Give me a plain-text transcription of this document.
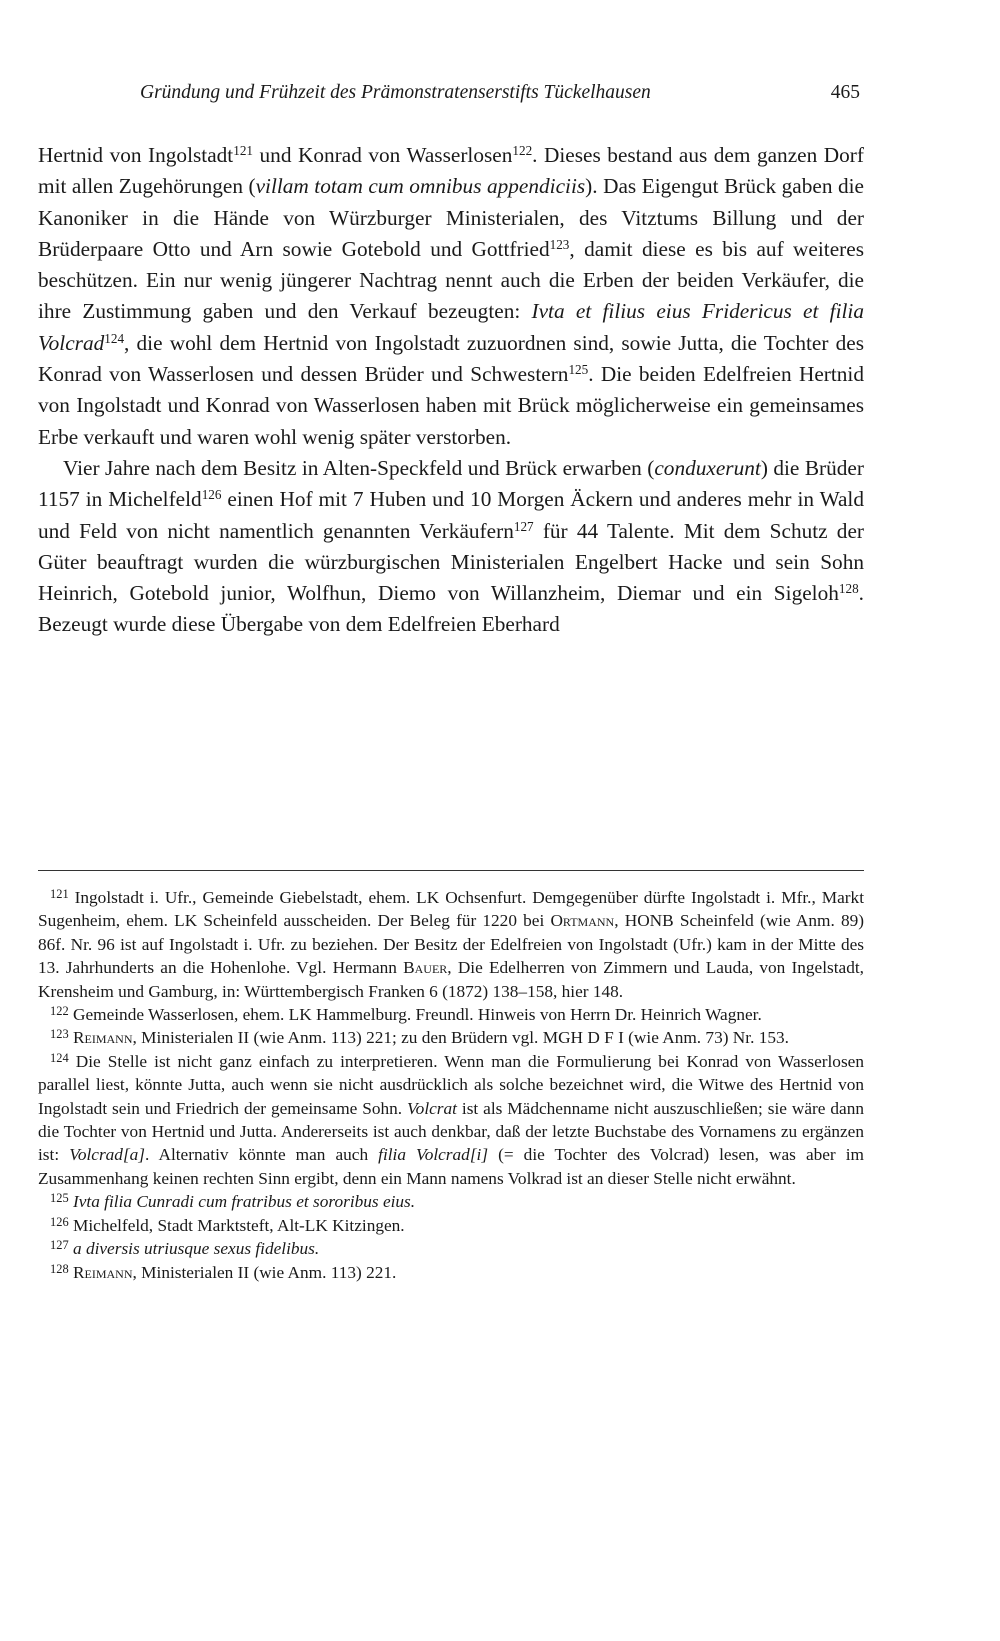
Gründung und Frühzeit des Prämonstratenserstifts Tückelhausen	465

Hertnid von Ingolstadt$^{121}$ und Konrad von Wasserlosen$^{122}$. Dieses bestand aus dem ganzen Dorf mit allen Zugehörungen (villam totam cum omnibus appendiciis). Das Eigengut Brück gaben die Kanoniker in die Hände von Würzburger Ministerialen, des Vitztums Billung und der Brüderpaare Otto und Arn sowie Gotebold und Gottfried$^{123}$, damit diese es bis auf weiteres beschützen. Ein nur wenig jüngerer Nachtrag nennt auch die Erben der beiden Verkäufer, die ihre Zustimmung gaben und den Verkauf bezeugten: Ivta et filius eius Fridericus et filia Volcrad$^{124}$, die wohl dem Hertnid von Ingolstadt zuzuordnen sind, sowie Jutta, die Tochter des Konrad von Wasserlosen und dessen Brüder und Schwestern$^{125}$. Die beiden Edelfreien Hertnid von Ingolstadt und Konrad von Wasserlosen haben mit Brück möglicherweise ein gemeinsames Erbe verkauft und waren wohl wenig später verstorben.

Vier Jahre nach dem Besitz in Alten-Speckfeld und Brück erwarben (conduxerunt) die Brüder 1157 in Michelfeld$^{126}$ einen Hof mit 7 Huben und 10 Morgen Äckern und anderes mehr in Wald und Feld von nicht namentlich genannten Verkäufern$^{127}$ für 44 Talente. Mit dem Schutz der Güter beauftragt wurden die würzburgischen Ministerialen Engelbert Hacke und sein Sohn Heinrich, Gotebold junior, Wolfhun, Diemo von Willanzheim, Diemar und ein Sigeloh$^{128}$. Bezeugt wurde diese Übergabe von dem Edelfreien Eberhard

$^{121}$ Ingolstadt i. Ufr., Gemeinde Giebelstadt, ehem. LK Ochsenfurt. Demgegenüber dürfte Ingolstadt i. Mfr., Markt Sugenheim, ehem. LK Scheinfeld ausscheiden. Der Beleg für 1220 bei Ortmann, HONB Scheinfeld (wie Anm. 89) 86f. Nr. 96 ist auf Ingolstadt i. Ufr. zu beziehen. Der Besitz der Edelfreien von Ingolstadt (Ufr.) kam in der Mitte des 13. Jahrhunderts an die Hohenlohe. Vgl. Hermann Bauer, Die Edelherren von Zimmern und Lauda, von Ingelstadt, Krensheim und Gamburg, in: Württembergisch Franken 6 (1872) 138–158, hier 148.

$^{122}$ Gemeinde Wasserlosen, ehem. LK Hammelburg. Freundl. Hinweis von Herrn Dr. Heinrich Wagner.

$^{123}$ Reimann, Ministerialen II (wie Anm. 113) 221; zu den Brüdern vgl. MGH D F I (wie Anm. 73) Nr. 153.

$^{124}$ Die Stelle ist nicht ganz einfach zu interpretieren. Wenn man die Formulierung bei Konrad von Wasserlosen parallel liest, könnte Jutta, auch wenn sie nicht ausdrücklich als solche bezeichnet wird, die Witwe des Hertnid von Ingolstadt sein und Friedrich der gemeinsame Sohn. Volcrat ist als Mädchenname nicht auszuschließen; sie wäre dann die Tochter von Hertnid und Jutta. Andererseits ist auch denkbar, daß der letzte Buchstabe des Vornamens zu ergänzen ist: Volcrad[a]. Alternativ könnte man auch filia Volcrad[i] (= die Tochter des Volcrad) lesen, was aber im Zusammenhang keinen rechten Sinn ergibt, denn ein Mann namens Volkrad ist an dieser Stelle nicht erwähnt.

$^{125}$ Ivta filia Cunradi cum fratribus et sororibus eius.

$^{126}$ Michelfeld, Stadt Marktsteft, Alt-LK Kitzingen.

$^{127}$ a diversis utriusque sexus fidelibus.

$^{128}$ Reimann, Ministerialen II (wie Anm. 113) 221.
